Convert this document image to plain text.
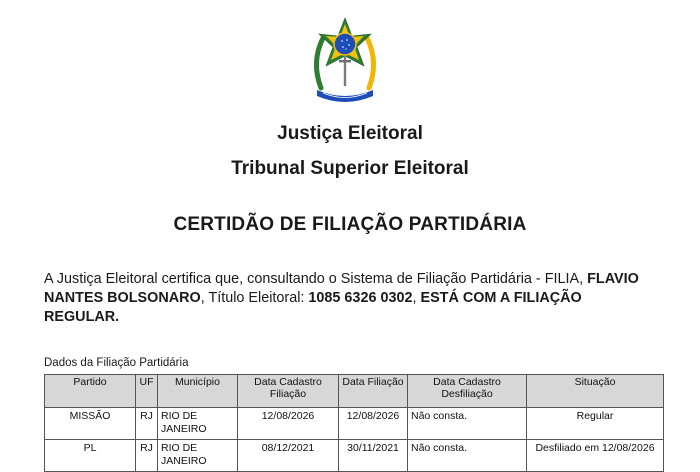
Justiça Eleitoral
Tribunal Superior Eleitoral
CERTIDÃO DE FILIAÇÃO PARTIDÁRIA
A Justiça Eleitoral certifica que, consultando o Sistema de Filiação Partidária - FILIA, FLAVIO NANTES BOLSONARO, Título Eleitoral: 1085 6326 0302, ESTÁ COM A FILIAÇÃO REGULAR.
Dados da Filiação Partidária
Partido	UF	Município	Data Cadastro Filiação	Data Filiação	Data Cadastro Desfiliação	Situação
MISSÃO	RJ	RIO DE JANEIRO	12/08/2026	12/08/2026	Não consta.	Regular
PL	RJ	RIO DE JANEIRO	08/12/2021	30/11/2021	Não consta.	Desfiliado em 12/08/2026
